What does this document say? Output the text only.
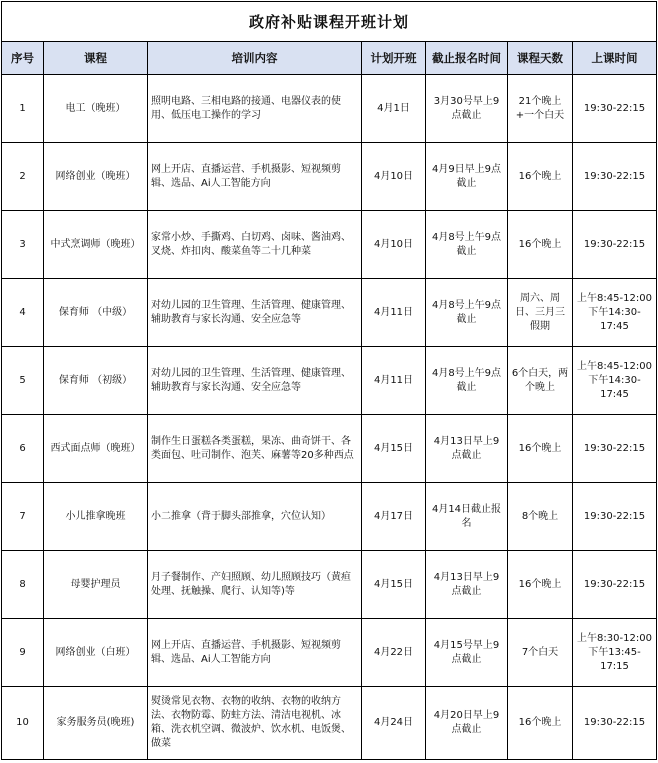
政府补贴课程开班计划						
序号	课程	培训内容	计划开班	截止报名时间	课程天数	上课时间
1	电工（晚班）	照明电路、三相电路的接通、电器仪表的使用、低压电工操作的学习	4月1日	3月30号早上9点截止	21个晚上+一个白天	19:30-22:15
2	网络创业（晚班）	网上开店、直播运营、手机摄影、短视频剪辑、选品、Ai人工智能方向	4月10日	4月9日早上9点截止	16个晚上	19:30-22:15
3	中式烹调师（晚班）	家常小炒、手撕鸡、白切鸡、卤味、酱油鸡、叉烧、炸扣肉、酸菜鱼等二十几种菜	4月10日	4月8号上午9点截止	16个晚上	19:30-22:15
4	保育师 （中级）	对幼儿园的卫生管理、生活管理、健康管理、辅助教育与家长沟通、安全应急等	4月11日	4月8号上午9点截止	周六、周日、三月三假期	上午8:45-12:00下午14:30-17:45
5	保育师 （初级）	对幼儿园的卫生管理、生活管理、健康管理、辅助教育与家长沟通、安全应急等	4月11日	4月8号上午9点截止	6个白天，两个晚上	上午8:45-12:00下午14:30-17:45
6	西式面点师（晚班）	制作生日蛋糕各类蛋糕，果冻、曲奇饼干、各类面包、吐司制作、泡芙、麻薯等20多种西点	4月15日	4月13日早上9点截止	16个晚上	19:30-22:15
7	小儿推拿晚班	小二推拿（背于脚头部推拿，穴位认知）	4月17日	4月14日截止报名	8个晚上	19:30-22:15
8	母婴护理员	月子餐制作、产妇照顾、幼儿照顾技巧（黄疸处理、抚触操、爬行、认知等)等	4月15日	4月13日早上9点截止	16个晚上	19:30-22:15
9	网络创业（白班）	网上开店、直播运营、手机摄影、短视频剪辑、选品、Ai人工智能方向	4月22日	4月15号早上9点截止	7个白天	上午8:30-12:00下午13:45-17:15
10	家务服务员(晚班)	熨烫常见衣物、衣物的收纳、衣物的收纳方法、衣物防霉、防蛀方法、清洁电视机、冰箱、洗衣机空调、微波炉、饮水机、电饭煲、做菜	4月24日	4月20日早上9点截止	16个晚上	19:30-22:15
